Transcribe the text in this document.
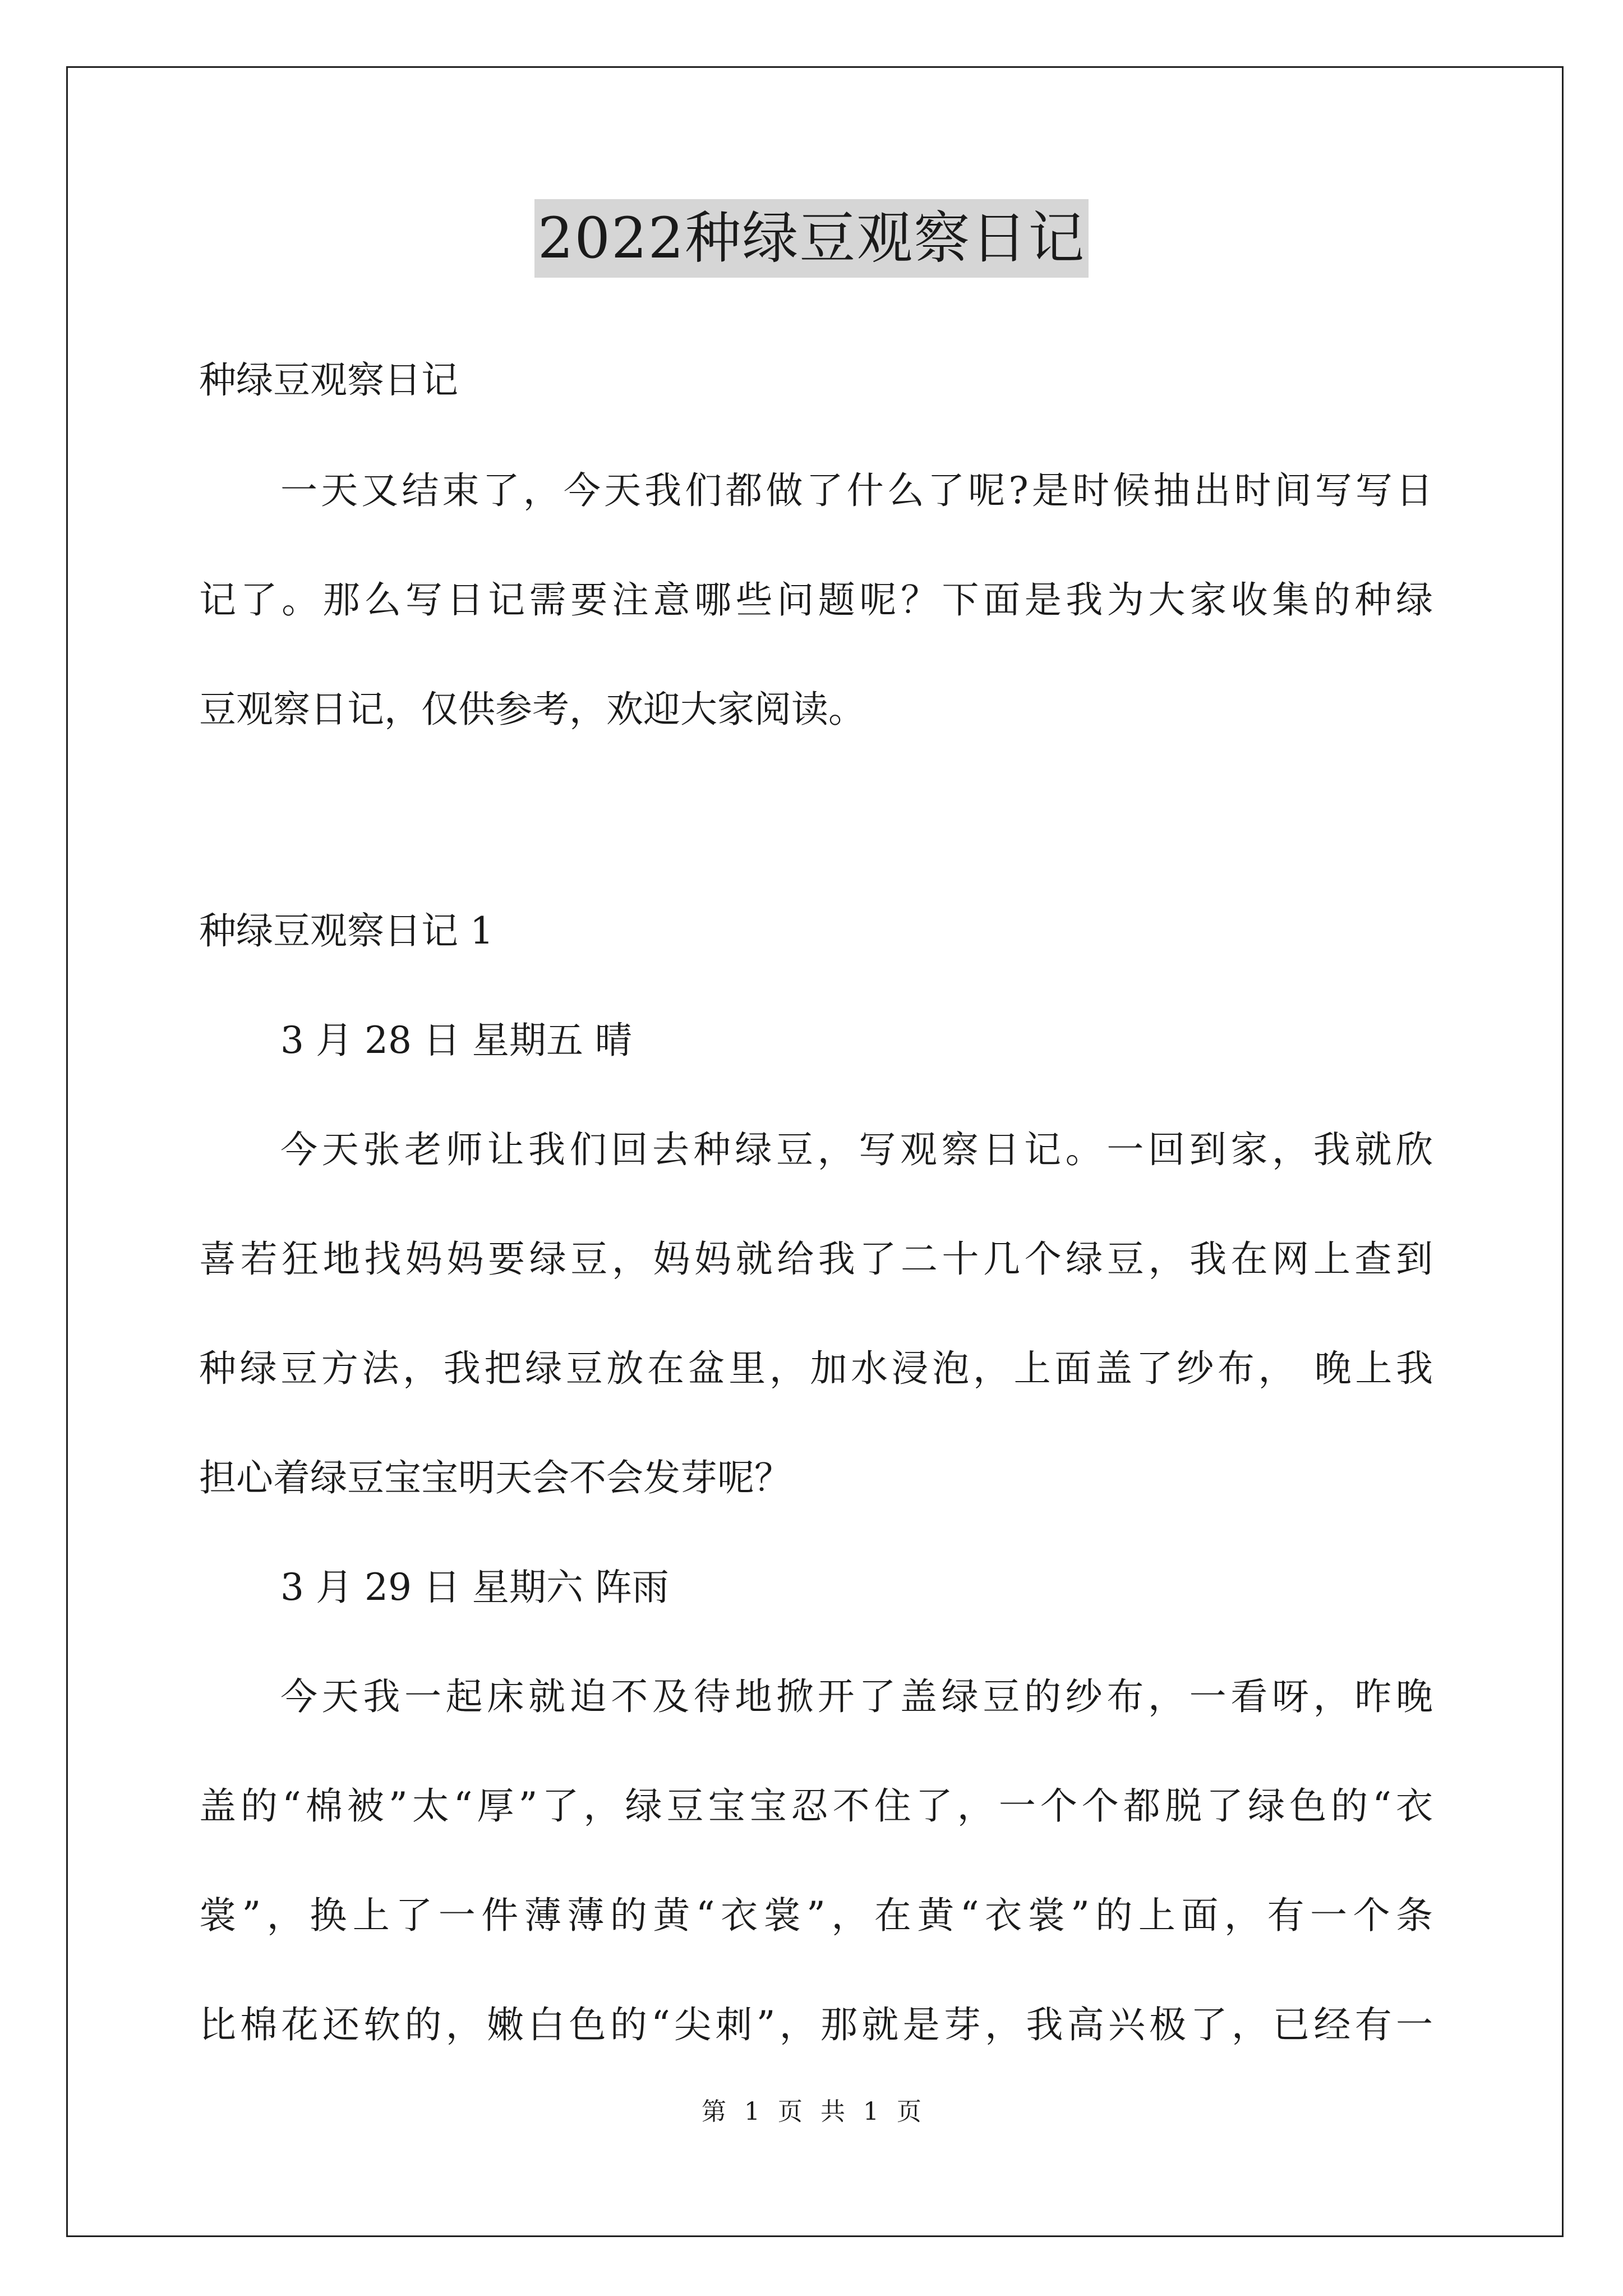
2022种绿豆观察日记
种绿豆观察日记
一天又结束了，今天我们都做了什么了呢?是时候抽出时间写写日
记了。那么写日记需要注意哪些问题呢？下面是我为大家收集的种绿
豆观察日记，仅供参考，欢迎大家阅读。
种绿豆观察日记 1
3 月 28 日 星期五 晴
今天张老师让我们回去种绿豆，写观察日记。一回到家，我就欣
喜若狂地找妈妈要绿豆，妈妈就给我了二十几个绿豆，我在网上查到
种绿豆方法，我把绿豆放在盆里，加水浸泡，上面盖了纱布， 晚上我
担心着绿豆宝宝明天会不会发芽呢？
3 月 29 日 星期六 阵雨
今天我一起床就迫不及待地掀开了盖绿豆的纱布，一看呀，昨晚
盖的“棉被”太“厚”了，绿豆宝宝忍不住了，一个个都脱了绿色的“衣
裳”，换上了一件薄薄的黄“衣裳”，在黄“衣裳”的上面，有一个条
比棉花还软的，嫩白色的“尖刺”，那就是芽，我高兴极了，已经有一
第 1 页 共 1 页
